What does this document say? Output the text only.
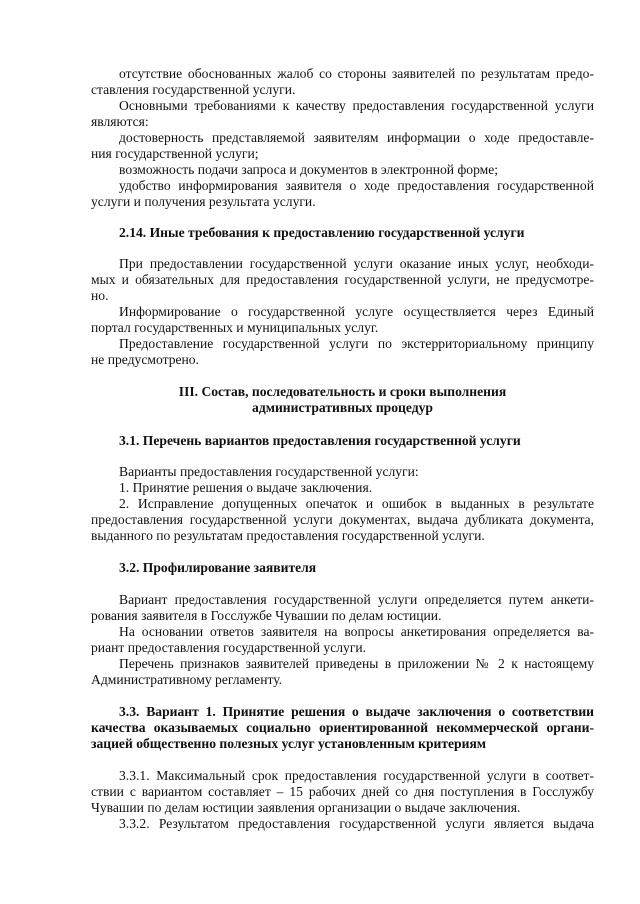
отсутствие обоснованных жалоб со стороны заявителей по результатам предо-
ставления государственной услуги.
Основными требованиями к качеству предоставления государственной услуги
являются:
достоверность представляемой заявителям информации о ходе предоставле-
ния государственной услуги;
возможность подачи запроса и документов в электронной форме;
удобство информирования заявителя о ходе предоставления государственной
услуги и получения результата услуги.
2.14. Иные требования к предоставлению государственной услуги
При предоставлении государственной услуги оказание иных услуг, необходи-
мых и обязательных для предоставления государственной услуги, не предусмотре-
но.
Информирование о государственной услуге осуществляется через Единый
портал государственных и муниципальных услуг.
Предоставление государственной услуги по экстерриториальному принципу
не предусмотрено.
III. Состав, последовательность и сроки выполнения
административных процедур
3.1. Перечень вариантов предоставления государственной услуги
Варианты предоставления государственной услуги:
1. Принятие решения о выдаче заключения.
2. Исправление допущенных опечаток и ошибок в выданных в результате
предоставления государственной услуги документах, выдача дубликата документа,
выданного по результатам предоставления государственной услуги.
3.2. Профилирование заявителя
Вариант предоставления государственной услуги определяется путем анкети-
рования заявителя в Госслужбе Чувашии по делам юстиции.
На основании ответов заявителя на вопросы анкетирования определяется ва-
риант предоставления государственной услуги.
Перечень признаков заявителей приведены в приложении № 2 к настоящему
Административному регламенту.
3.3. Вариант 1. Принятие решения о выдаче заключения о соответствии
качества оказываемых социально ориентированной некоммерческой органи-
зацией общественно полезных услуг установленным критериям
3.3.1. Максимальный срок предоставления государственной услуги в соответ-
ствии с вариантом составляет – 15 рабочих дней со дня поступления в Госслужбу
Чувашии по делам юстиции заявления организации о выдаче заключения.
3.3.2. Результатом предоставления государственной услуги является выдача
